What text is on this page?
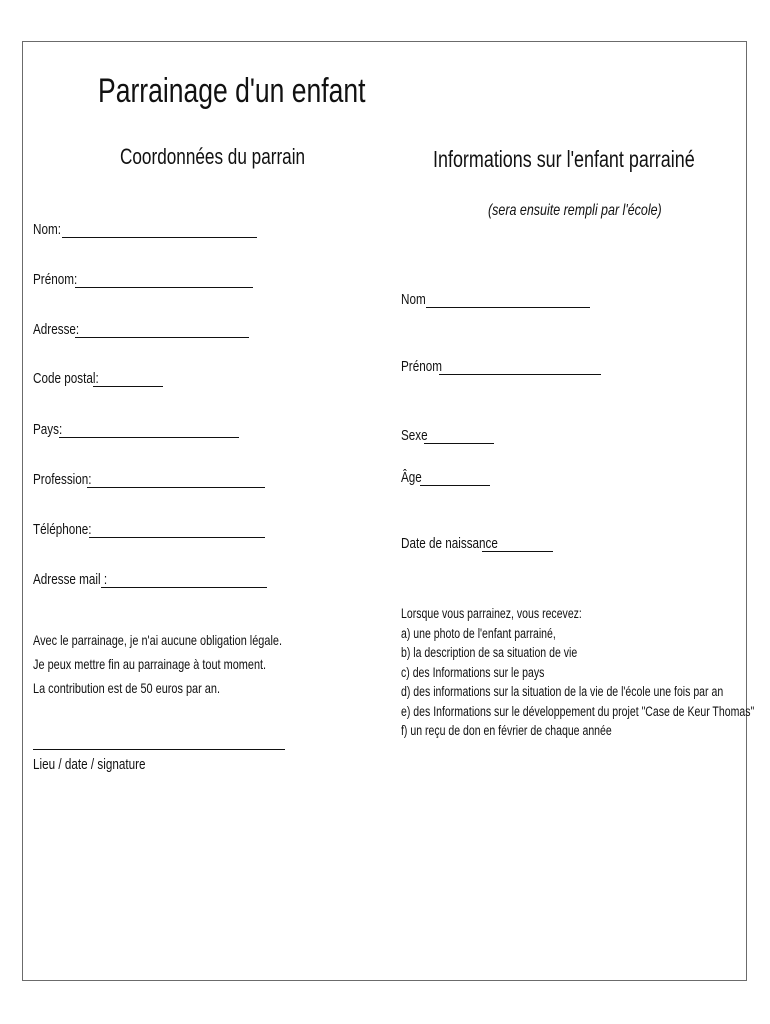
Parrainage d'un enfant
Coordonnées du parrain	Informations sur l'enfant parrainé
(sera ensuite rempli par l'école)
Nom:
Prénom:
Adresse:
Code postal:
Pays:
Profession:
Téléphone:
Adresse mail :
Avec le parrainage, je n'ai aucune obligation légale.
Je peux mettre fin au parrainage à tout moment.
La contribution est de 50 euros par an.
Lieu / date / signature
Nom
Prénom
Sexe
Âge
Date de naissance
Lorsque vous parrainez, vous recevez:
a) une photo de l'enfant parrainé,
b) la description de sa situation de vie
c) des Informations sur le pays
d) des informations sur la situation de la vie de l'école une fois par an
e) des Informations sur le développement du projet "Case de Keur Thomas"
f) un reçu de don en février de chaque année
